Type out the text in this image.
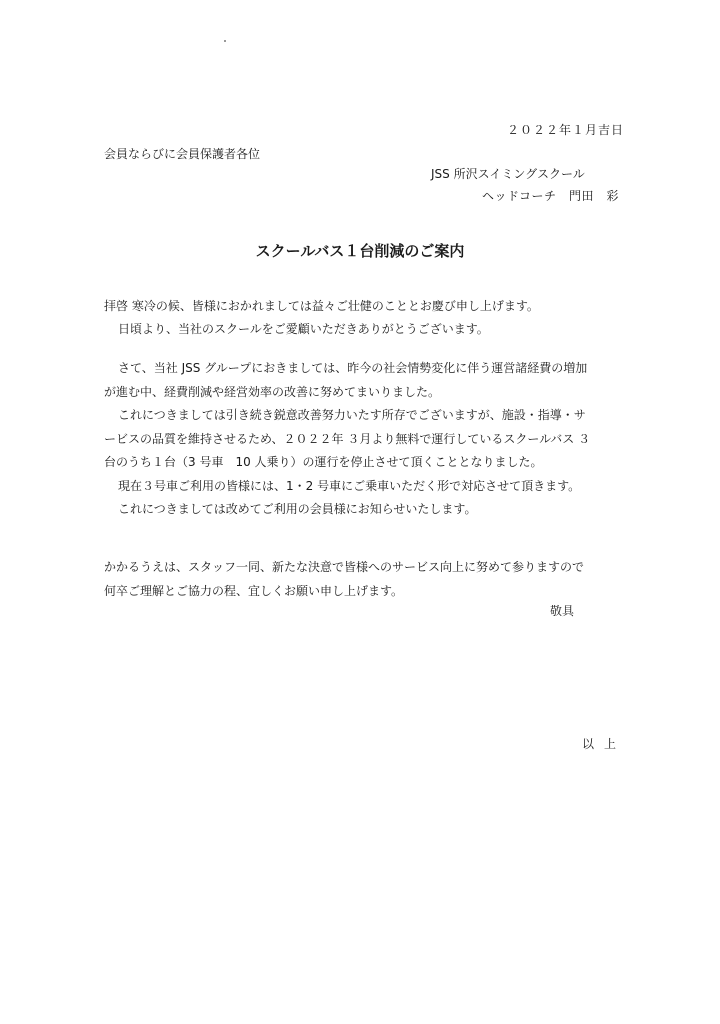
２０２２年１月吉日
会員ならびに会員保護者各位
JSS 所沢スイミングスクール
ヘッドコーチ　門田　彩
スクールバス１台削減のご案内
拝啓 寒冷の候、皆様におかれましては益々ご壮健のこととお慶び申し上げます。
日頃より、当社のスクールをご愛顧いただきありがとうございます。
さて、当社 JSS グループにおきましては、昨今の社会情勢変化に伴う運営諸経費の増加
が進む中、経費削減や経営効率の改善に努めてまいりました。
これにつきましては引き続き鋭意改善努力いたす所存でございますが、施設・指導・サ
ービスの品質を維持させるため、２０２２年 ３月より無料で運行しているスクールバス ３
台のうち１台（3 号車　10 人乗り）の運行を停止させて頂くこととなりました。
現在３号車ご利用の皆様には、1・2 号車にご乗車いただく形で対応させて頂きます。
これにつきましては改めてご利用の会員様にお知らせいたします。
かかるうえは、スタッフ一同、新たな決意で皆様へのサービス向上に努めて参りますので
何卒ご理解とご協力の程、宜しくお願い申し上げます。
敬具
以上
